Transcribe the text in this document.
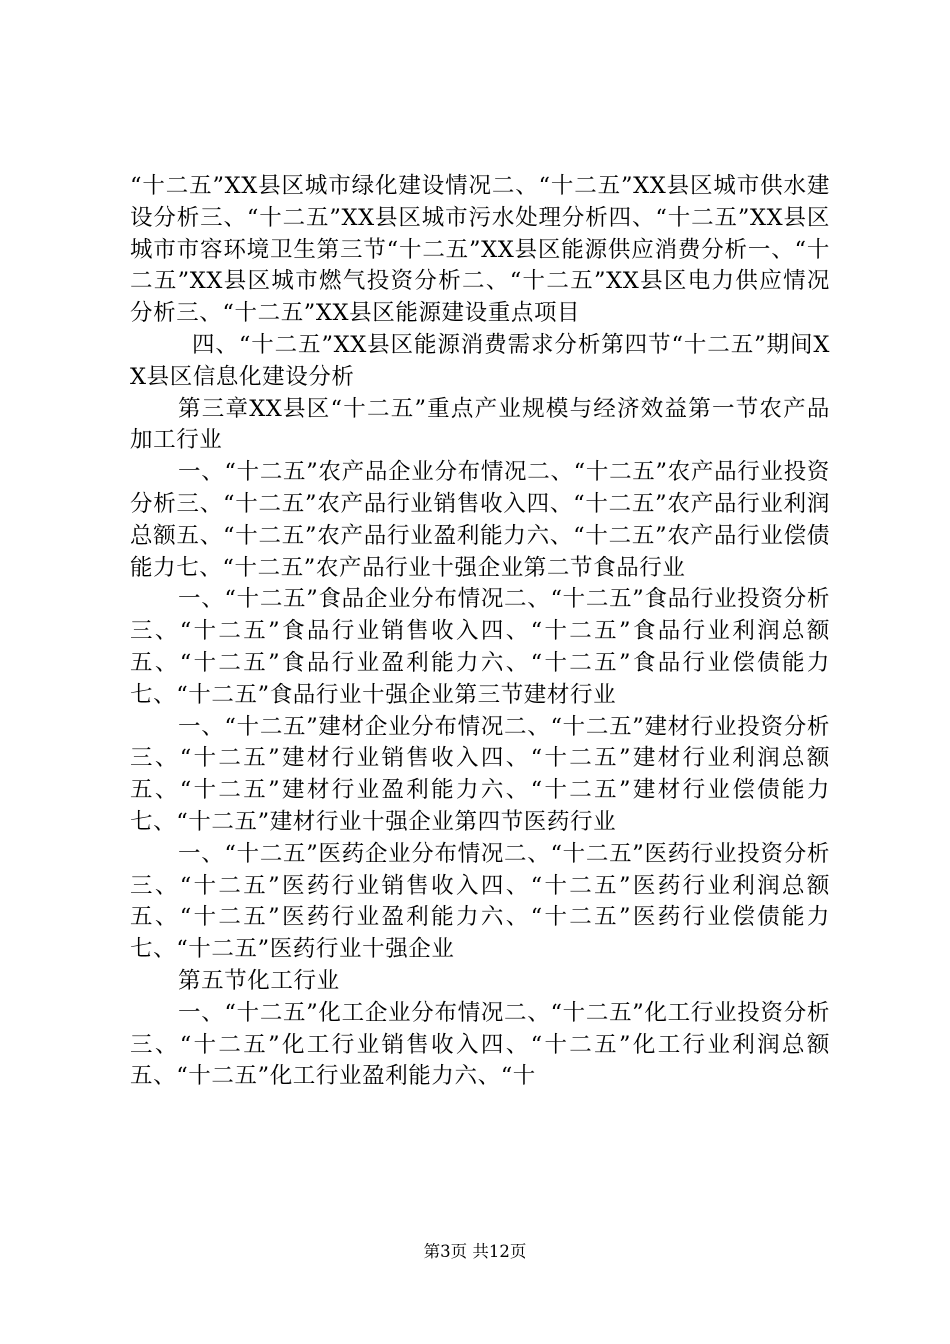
“十二五”XX县区城市绿化建设情况二、“十二五”XX县区城市供水建设分析三、“十二五”XX县区城市污水处理分析四、“十二五”XX县区城市市容环境卫生第三节“十二五”XX县区能源供应消费分析一、“十二五”XX县区城市燃气投资分析二、“十二五”XX县区电力供应情况分析三、“十二五”XX县区能源建设重点项目

四、“十二五”XX县区能源消费需求分析第四节“十二五”期间XX县区信息化建设分析

第三章XX县区“十二五”重点产业规模与经济效益第一节农产品加工行业

一、“十二五”农产品企业分布情况二、“十二五”农产品行业投资分析三、“十二五”农产品行业销售收入四、“十二五”农产品行业利润总额五、“十二五”农产品行业盈利能力六、“十二五”农产品行业偿债能力七、“十二五”农产品行业十强企业第二节食品行业

一、“十二五”食品企业分布情况二、“十二五”食品行业投资分析三、“十二五”食品行业销售收入四、“十二五”食品行业利润总额五、“十二五”食品行业盈利能力六、“十二五”食品行业偿债能力七、“十二五”食品行业十强企业第三节建材行业

一、“十二五”建材企业分布情况二、“十二五”建材行业投资分析三、“十二五”建材行业销售收入四、“十二五”建材行业利润总额五、“十二五”建材行业盈利能力六、“十二五”建材行业偿债能力七、“十二五”建材行业十强企业第四节医药行业

一、“十二五”医药企业分布情况二、“十二五”医药行业投资分析三、“十二五”医药行业销售收入四、“十二五”医药行业利润总额五、“十二五”医药行业盈利能力六、“十二五”医药行业偿债能力七、“十二五”医药行业十强企业

第五节化工行业

一、“十二五”化工企业分布情况二、“十二五”化工行业投资分析三、“十二五”化工行业销售收入四、“十二五”化工行业利润总额五、“十二五”化工行业盈利能力六、“十

第3页 共12页
